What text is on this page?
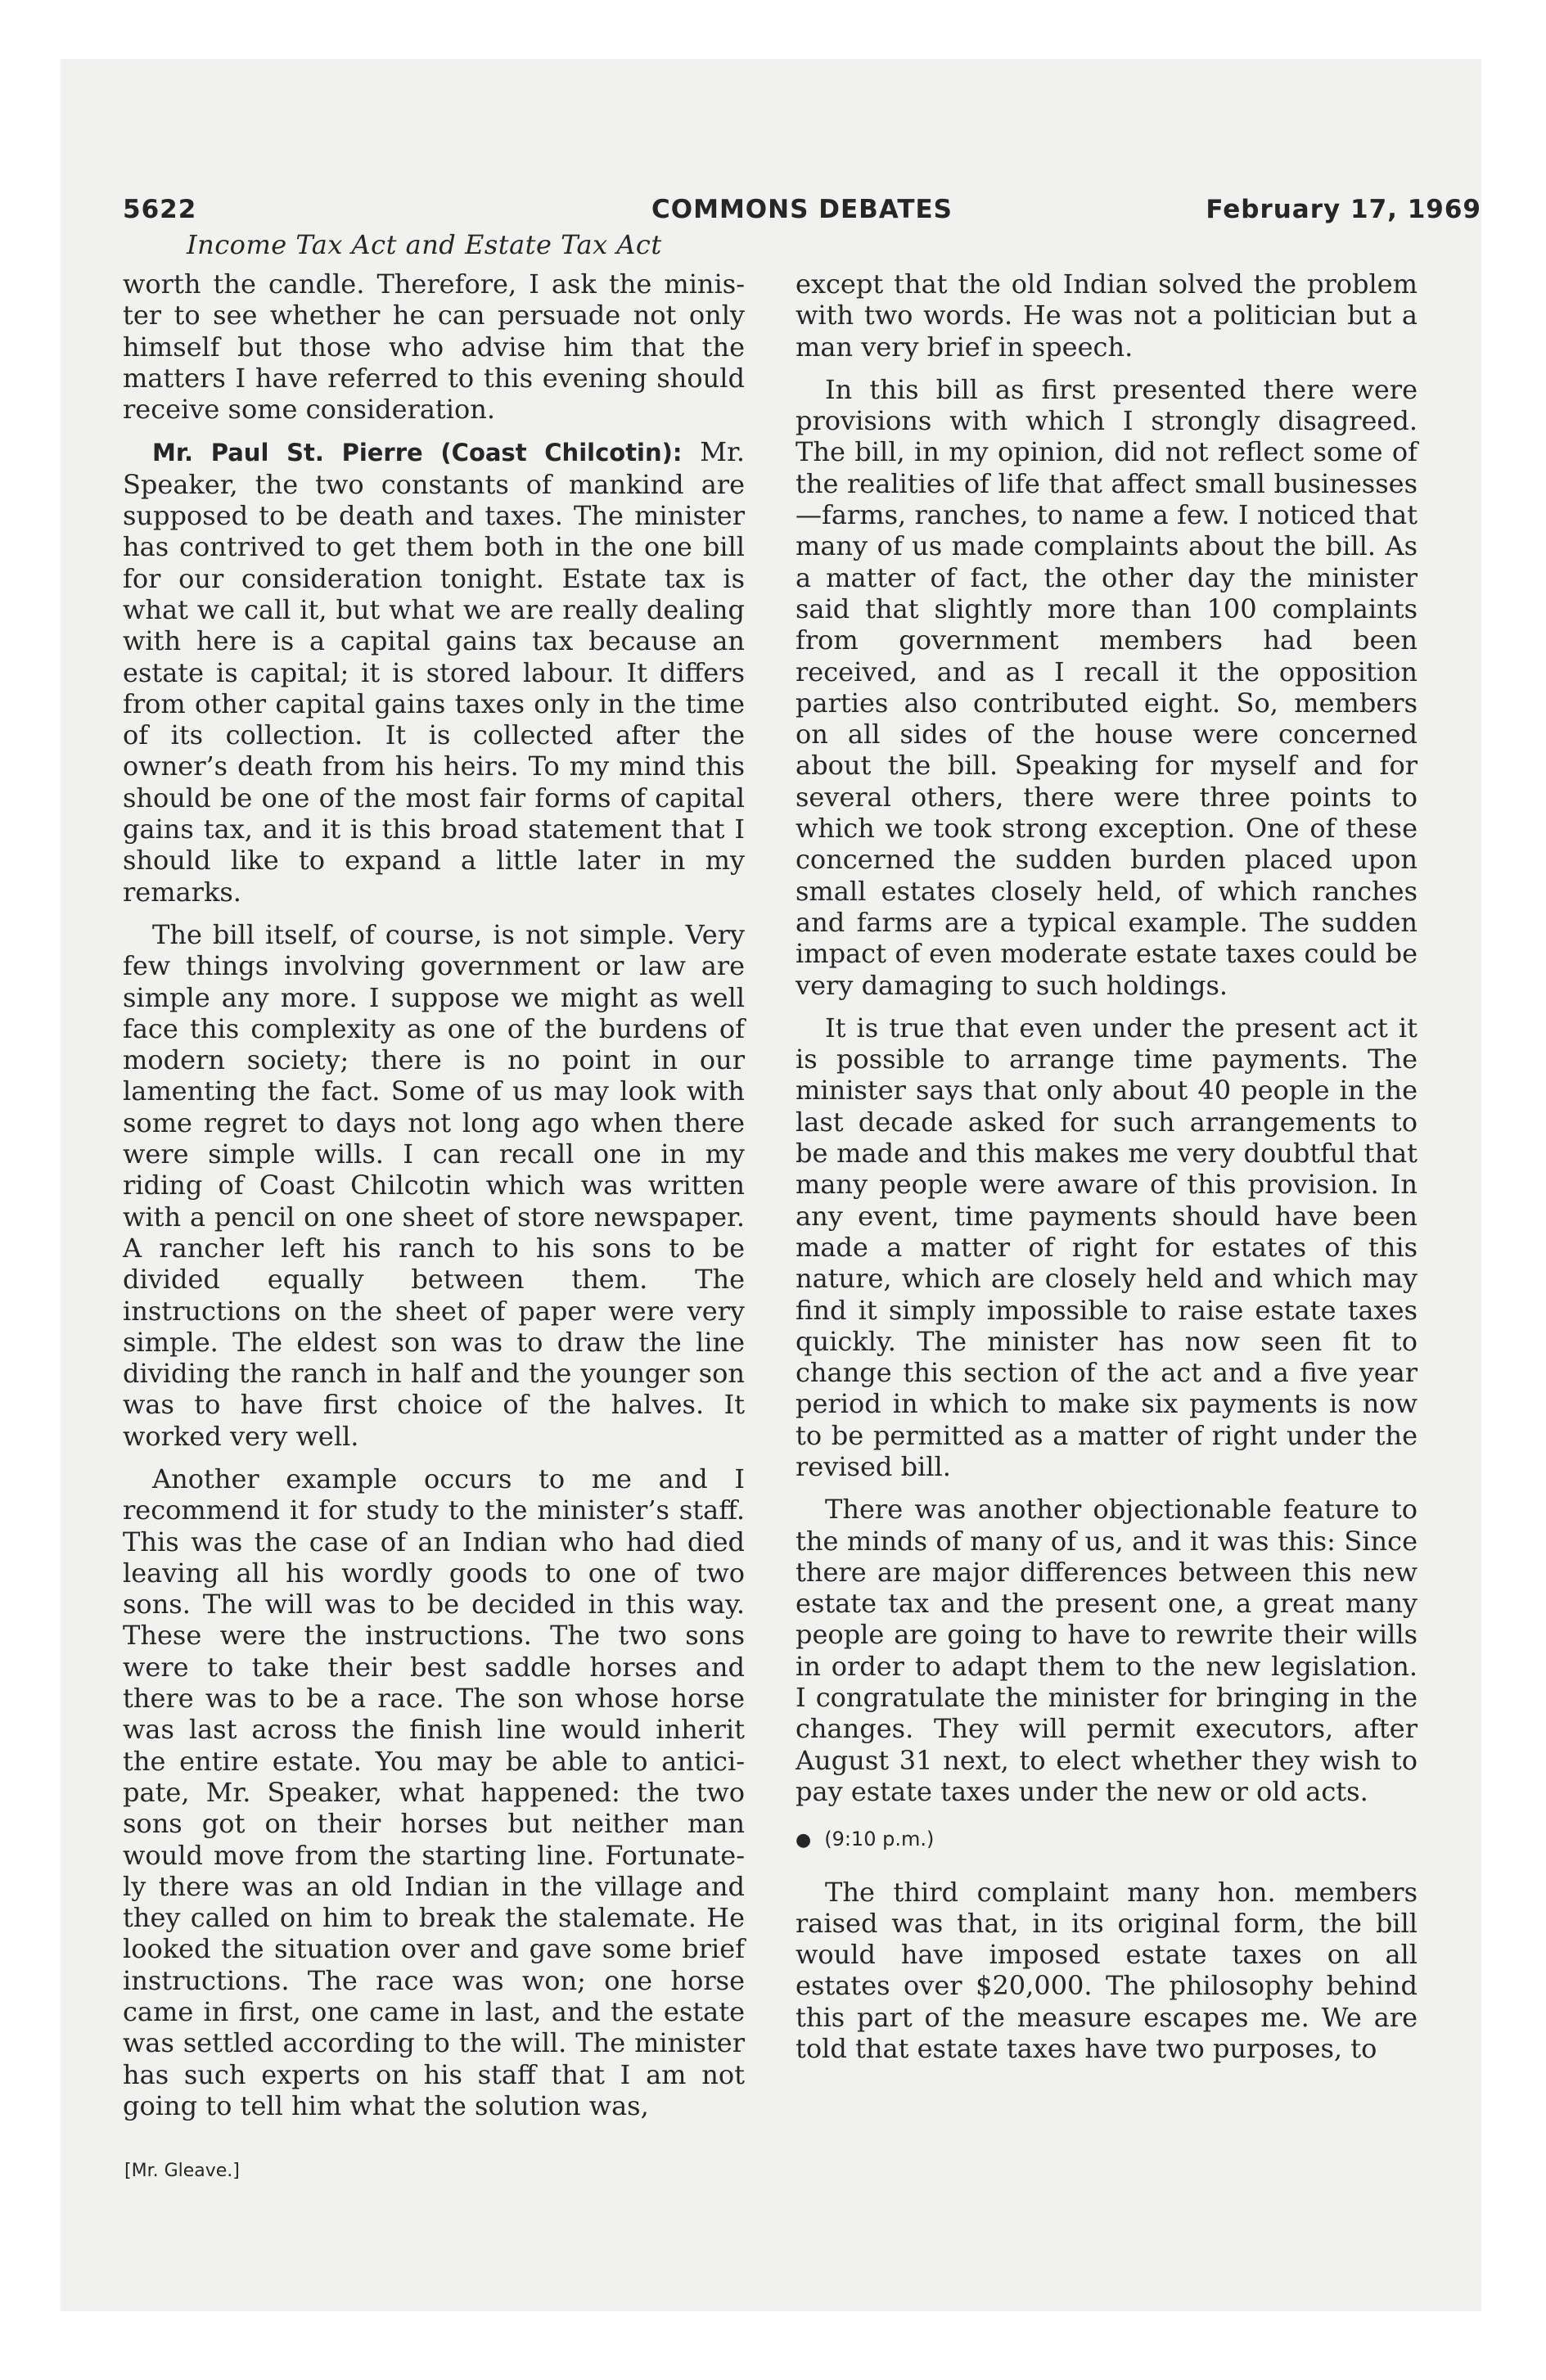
5622	COMMONS DEBATES	February 17, 1969
Income Tax Act and Estate Tax Act

worth the candle. Therefore, I ask the minister to see whether he can persuade not only himself but those who advise him that the matters I have referred to this evening should receive some consideration.

Mr. Paul St. Pierre (Coast Chilcotin): Mr. Speaker, the two constants of mankind are supposed to be death and taxes. The minister has contrived to get them both in the one bill for our consideration tonight. Estate tax is what we call it, but what we are really dealing with here is a capital gains tax because an estate is capital; it is stored labour. It differs from other capital gains taxes only in the time of its collection. It is collected after the owner’s death from his heirs. To my mind this should be one of the most fair forms of capital gains tax, and it is this broad statement that I should like to expand a little later in my remarks.

The bill itself, of course, is not simple. Very few things involving government or law are simple any more. I suppose we might as well face this complexity as one of the burdens of modern society; there is no point in our lamenting the fact. Some of us may look with some regret to days not long ago when there were simple wills. I can recall one in my riding of Coast Chilcotin which was written with a pencil on one sheet of store newspaper. A rancher left his ranch to his sons to be divided equally between them. The instructions on the sheet of paper were very simple. The eldest son was to draw the line dividing the ranch in half and the younger son was to have first choice of the halves. It worked very well.

Another example occurs to me and I recommend it for study to the minister’s staff. This was the case of an Indian who had died leaving all his wordly goods to one of two sons. The will was to be decided in this way. These were the instructions. The two sons were to take their best saddle horses and there was to be a race. The son whose horse was last across the finish line would inherit the entire estate. You may be able to anticipate, Mr. Speaker, what happened: the two sons got on their horses but neither man would move from the starting line. Fortunately there was an old Indian in the village and they called on him to break the stalemate. He looked the situation over and gave some brief instructions. The race was won; one horse came in first, one came in last, and the estate was settled according to the will. The minister has such experts on his staff that I am not going to tell him what the solution was,

except that the old Indian solved the problem with two words. He was not a politician but a man very brief in speech.

In this bill as first presented there were provisions with which I strongly disagreed. The bill, in my opinion, did not reflect some of the realities of life that affect small businesses—farms, ranches, to name a few. I noticed that many of us made complaints about the bill. As a matter of fact, the other day the minister said that slightly more than 100 complaints from government members had been received, and as I recall it the opposition parties also contributed eight. So, members on all sides of the house were concerned about the bill. Speaking for myself and for several others, there were three points to which we took strong exception. One of these concerned the sudden burden placed upon small estates closely held, of which ranches and farms are a typical example. The sudden impact of even moderate estate taxes could be very damaging to such holdings.

It is true that even under the present act it is possible to arrange time payments. The minister says that only about 40 people in the last decade asked for such arrangements to be made and this makes me very doubtful that many people were aware of this provision. In any event, time payments should have been made a matter of right for estates of this nature, which are closely held and which may find it simply impossible to raise estate taxes quickly. The minister has now seen fit to change this section of the act and a five year period in which to make six payments is now to be permitted as a matter of right under the revised bill.

There was another objectionable feature to the minds of many of us, and it was this: Since there are major differences between this new estate tax and the present one, a great many people are going to have to rewrite their wills in order to adapt them to the new legislation. I congratulate the minister for bringing in the changes. They will permit executors, after August 31 next, to elect whether they wish to pay estate taxes under the new or old acts.

● (9:10 p.m.)

The third complaint many hon. members raised was that, in its original form, the bill would have imposed estate taxes on all estates over $20,000. The philosophy behind this part of the measure escapes me. We are told that estate taxes have two purposes, to

[Mr. Gleave.]
